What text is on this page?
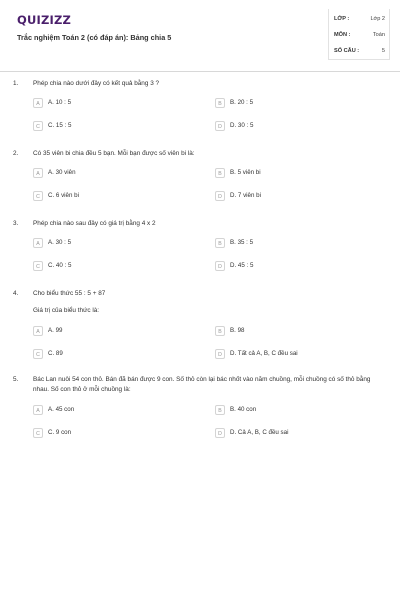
QUIZIZZ
Trắc nghiệm Toán 2 (có đáp án): Bảng chia 5
LỚP :	Lớp 2
MÔN :	Toán
SỐ CÂU :	5
1. Phép chia nào dưới đây có kết quả bằng 3 ?
A	A. 10 : 5	B	B. 20 : 5
C	C. 15 : 5	D	D. 30 : 5
2. Có 35 viên bi chia đều 5 bạn. Mỗi bạn được số viên bi là:
A	A. 30 viên	B	B. 5 viên bi
C	C. 6 viên bi	D	D. 7 viên bi
3. Phép chia nào sau đây có giá trị bằng 4 x 2
A	A. 30 : 5	B	B. 35 : 5
C	C. 40 : 5	D	D. 45 : 5
4. Cho biểu thức 55 : 5 + 87
Giá trị của biểu thức là:
A	A. 99	B	B. 98
C	C. 89	D	D. Tất cả A, B, C đều sai
5. Bác Lan nuôi 54 con thỏ. Bán đã bán được 9 con. Số thỏ còn lại bác nhốt vào năm chuồng, mỗi chuồng có số thỏ bằng nhau. Số con thỏ ở mỗi chuồng là:
A	A. 45 con	B	B. 40 con
C	C. 9 con	D	D. Cả A, B, C đều sai
